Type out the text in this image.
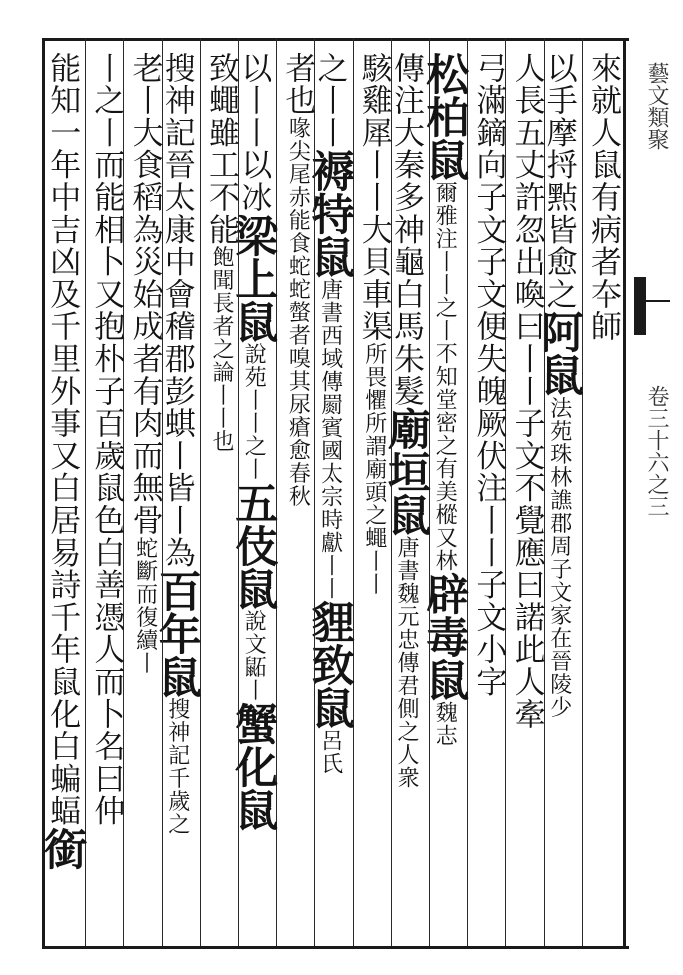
藝文類聚
卷三十六之三
來就人鼠有病者夲師
以手摩捋㸃皆愈之阿鼠法苑珠林譙郡周子文家在晉陵少
人長五丈許忽出喚曰丨丨子文不覺應曰諾此人牽
弓滿鏑向子文子文便失魄厥伏注丨丨子文小字
松柏鼠爾雅注丨丨之丨不知堂密之有美樅又林辟毒鼠魏志
傳注大秦多神龜白馬朱髮廟垣鼠唐書魏元忠傳君側之人衆
駭雞犀丨丨大貝車渠所畏懼所謂廟頭之蠅丨丨
之丨丨褥特鼠唐書西域傳罽賓國太宗時獻丨丨貍致鼠呂氏
者也喙尖尾赤能食蛇蛇螫者嗅其尿瘡愈春秋
以丨丨以冰梁上鼠說苑丨丨之丨五伎鼠說文鼫丨蟹化鼠
致蠅雖工不能飽聞長者之論丨丨也
搜神記晉太康中會稽郡彭蜞丨皆丨為百年鼠搜神記千歲之
老丨大食稻為災始成者有肉而無骨蛇斷而復續丨
丨之丨而能相卜又抱朴子百歲鼠色白善憑人而卜名曰仲
能知一年中吉凶及千里外事又白居易詩千年鼠化白蝙蝠銜
